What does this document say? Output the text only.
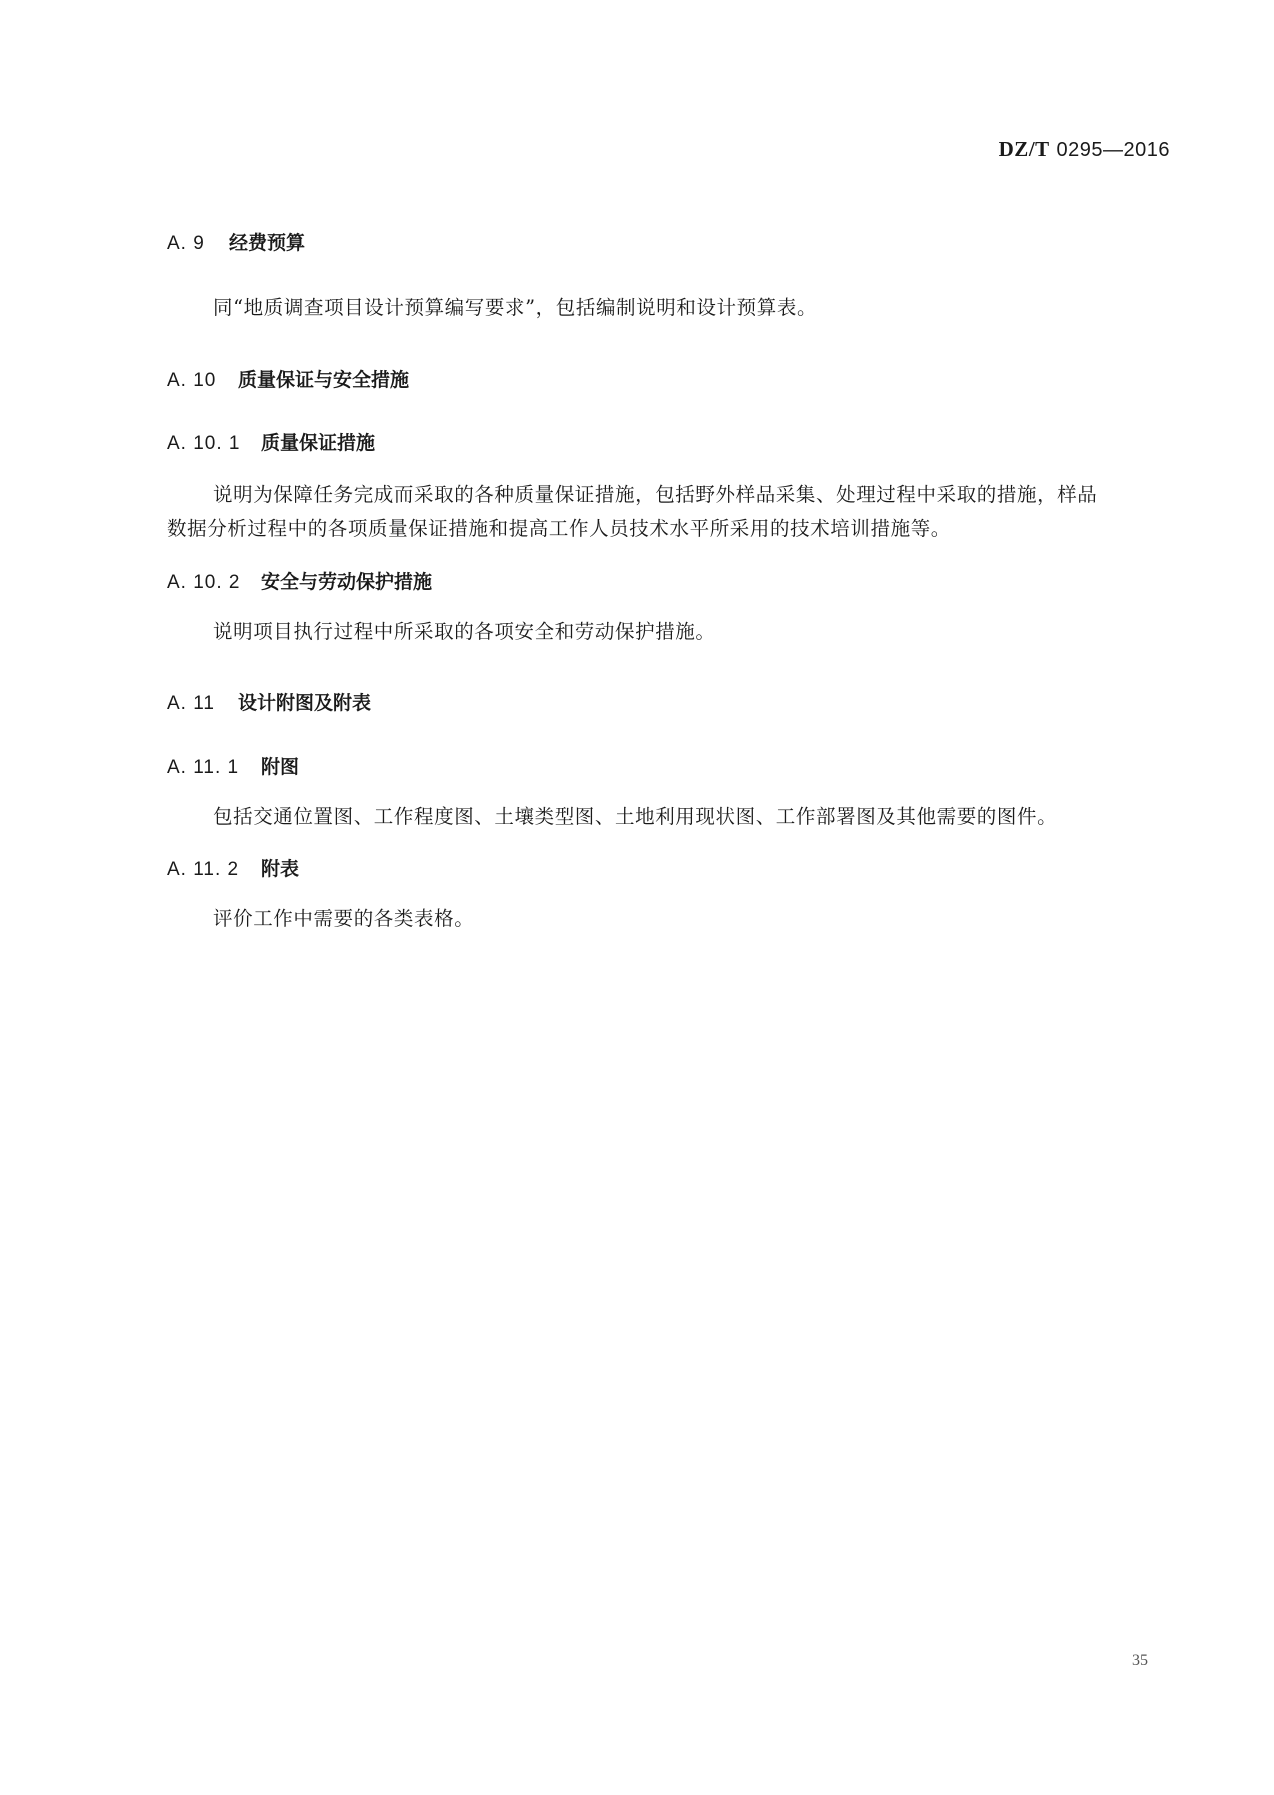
DZ/T 0295—2016
A. 9 经费预算
同“地质调查项目设计预算编写要求”，包括编制说明和设计预算表。
A. 10 质量保证与安全措施
A. 10. 1 质量保证措施
说明为保障任务完成而采取的各种质量保证措施，包括野外样品采集、处理过程中采取的措施，样品
数据分析过程中的各项质量保证措施和提高工作人员技术水平所采用的技术培训措施等。
A. 10. 2 安全与劳动保护措施
说明项目执行过程中所采取的各项安全和劳动保护措施。
A. 11 设计附图及附表
A. 11. 1 附图
包括交通位置图、工作程度图、土壤类型图、土地利用现状图、工作部署图及其他需要的图件。
A. 11. 2 附表
评价工作中需要的各类表格。
35
